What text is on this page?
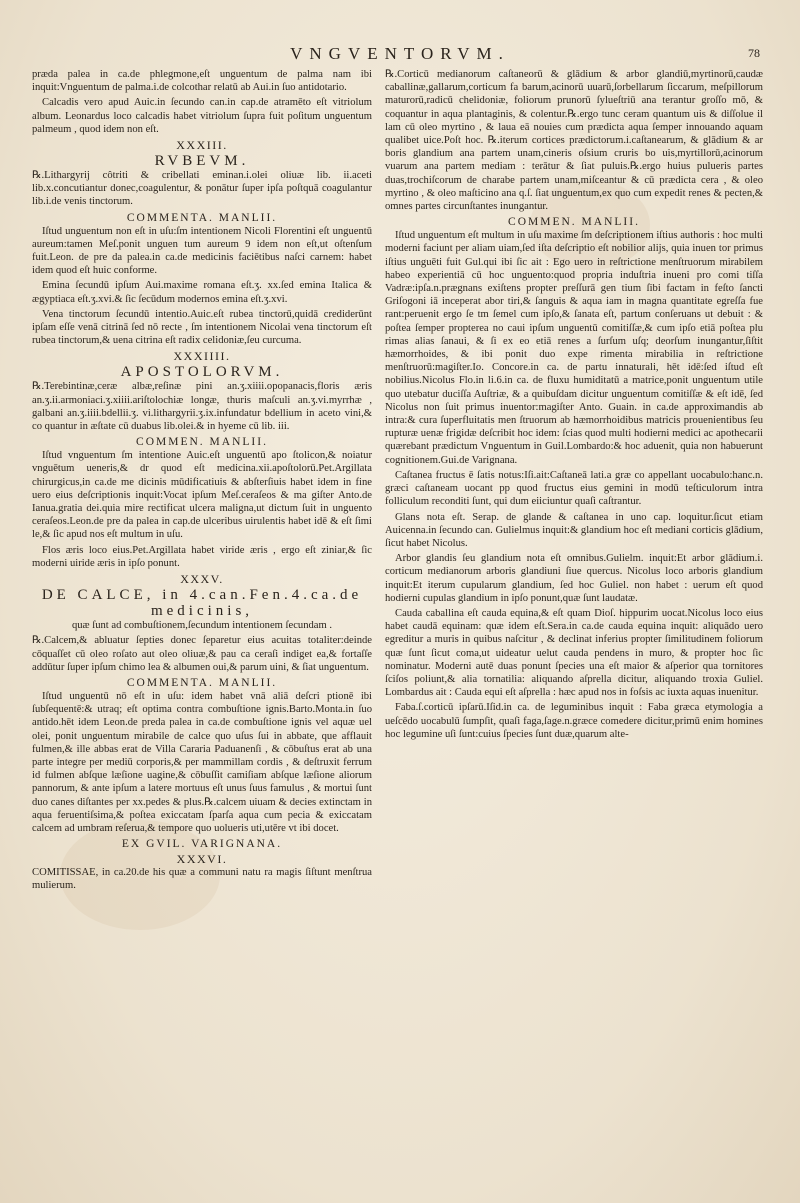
VNGVENTORVM.	78

præda palea in ca.de phlegmone,eſt unguentum de palma nam ibi inquit:Vnguentum de palma.i.de colcothar relatū ab Aui.in ſuo antidotario.

Calcadis vero apud Auic.in ſecundo can.in cap.de atramēto eſt vitriolum album. Leonardus loco calcadis habet vitriolum ſupra fuit poſitum unguentum palmeum , quod idem non eſt.

XXXIII.
RVBEVM.

℞.Lithargyrij côtriti & cribellati eminan.i.olei oliuæ lib. ii.aceti lib.x.concutiantur donec,coagulentur, & ponātur ſuper ipſa poſtquā coagulantur lib.i.de venis tinctorum.

COMMENTA. MANLII.

Iſtud unguentum non eſt in uſu:ſm intentionem Nicoli Florentini eſt unguentū aureum:tamen Meſ.ponit unguen tum aureum 9 idem non eſt,ut oſtenſum fuit.Leon. de pre da palea.in ca.de medicinis faciētibus naſci carnem: habet idem quod eſt huic conforme.

Emina ſecundū ipſum Aui.maxime romana eſt.ʒ. xx.ſed emina Italica & ægyptiaca eſt.ʒ.xvi.& ſic ſecūdum modernos emina eſt.ʒ.xvi.

Vena tinctorum ſecundū intentio.Auic.eſt rubea tinctorū,quidā crediderūnt ipſam eſſe venā citrinā ſed nō recte , ſm intentionem Nicolai vena tinctorum eſt rubea tinctorum,& uena citrina eſt radix celidoniæ,ſeu curcuma.

XXXIIII.
APOSTOLORVM.

℞.Terebintinæ,ceræ albæ,reſinæ pini an.ʒ.xiiii.opopanacis,floris æris an.ʒ.ii.armoniaci.ʒ.xiiii.ariſtolochiæ longæ, thuris maſculi an.ʒ.vi.myrrhæ , galbani an.ʒ.iiii.bdellii.ʒ. vi.lithargyrii.ʒ.ix.infundatur bdellium in aceto vini,& co quantur in æſtate cū duabus lib.olei.& in hyeme cū lib. iii.

COMMEN. MANLII.

Iſtud vnguentum ſm intentione Auic.eſt unguentū apo ſtolicon,& noiatur vnguētum ueneris,& dr quod eſt medicina.xii.apoſtolorū.Pet.Argillata chirurgicus,in ca.de me dicinis mūdificatiuis & abſterſiuis habet idem in fine uero eius deſcriptionis inquit:Vocat ipſum Meſ.ceraſeos & ma giſter Anto.de Ianua.gratia dei.quia mire rectificat ulcera maligna,ut dictum ſuit in unguento ceraſeos.Leon.de pre da palea in cap.de ulceribus uirulentis habet idē & eſt ſimi le,& ſic apud nos eſt multum in uſu.

Flos æris loco eius.Pet.Argillata habet viride æris , ergo eſt ziniar,& ſic moderni uiride æris in ipſo ponunt.

XXXV.
DE CALCE, in 4.can.Fen.4.ca.de medicinis,

quæ ſunt ad combuſtionem,ſecundum intentionem ſecundam .

℞.Calcem,& abluatur ſepties donec ſeparetur eius acuitas totaliter:deinde cōquaſſet cū oleo roſato aut oleo oliuæ,& pau ca ceraſi indiget ea,& fortaſſe addūtur ſuper ipſum chimo lea & albumen oui,& parum uini, & ſiat unguentum.

COMMENTA. MANLII.

Iſtud unguentū nō eſt in uſu: idem habet vnā aliā deſcri ptionē ibi ſubſequentē:& utraq; eſt optima contra combuſtione ignis.Barto.Monta.in ſuo antido.hēt idem Leon.de preda palea in ca.de combuſtione ignis vel aquæ uel olei, ponit unguentum mirabile de calce quo uſus ſui in abbate, que afflauit fulmen,& ille abbas erat de Villa Cararia Paduanenſi , & cōbuſtus erat ab una parte integre per mediū corporis,& per mammillam cordis , & deſtruxit ferrum id fulmen abſque læſione uagine,& cōbuſſit camiſiam abſque læſione aliorum pannorum, & ante ipſum a latere mortuus eſt unus ſuus famulus , & mortui ſunt duo canes diſtantes per xx.pedes & plus.℞.calcem uiuam & decies extinctam in aqua feruentiſsima,& poſtea exiccatam ſparſa aqua cum pecia & exiccatam calcem ad umbram reſerua,& tempore quo uolueris uti,utēre vt ibi docet.

EX GVIL. VARIGNANA.
XXXVI.

COMITISSAE, in ca.20.de his quæ a communi natu ra magis ſiſtunt menſtrua mulierum.

℞.Corticū medianorum caſtaneorū & glādium & arbor glandiū,myrtinorū,caudæ caballinæ,gallarum,corticum fa barum,acinorū uuarū,ſorbellarum ſiccarum, meſpillorum maturorū,radicū chelidoniæ, foliorum prunorū ſylueſtriū ana terantur groſſo mō, & coquantur in aqua plantaginis, & colentur.℞.ergo tunc ceram quantum uis & diſſolue il lam cū oleo myrtino , & laua eā nouies cum prædicta aqua ſemper innouando aquam qualibet uice.Poſt hoc. ℞.iterum cortices prædictorum.i.caſtanearum, & glādium & ar boris glandium ana partem unam,cineris oſsium cruris bo uis,myrtillorū,acinorum vuarum ana partem mediam : terātur & ſiat puluis.℞.ergo huius pulueris partes duas,trochiſcorum de charabe partem unam,miſceantur & cū prædicta cera , & oleo myrtino , & oleo maſticino ana q.ſ. ſiat unguentum,ex quo cum expedit renes & pecten,& omnes partes circunſtantes inungantur.

COMMEN. MANLII.

Iſtud unguentum eſt multum in uſu maxime ſm deſcriptionem iſtius authoris : hoc multi moderni faciunt per aliam uiam,ſed iſta deſcriptio eſt nobilior alijs, quia inuen tor primus iſtius unguēti fuit Gul.qui ibi ſic ait : Ego uero in reſtrictione menſtruorum mirabilem habeo experientiā cū hoc unguento:quod propria induſtria inueni pro comi tiſſa Vadræ:ipſa.n.prægnans exiſtens propter preſſurā gen tium ſibi factam in feſto ſancti Griſogoni iā inceperat abor tiri,& ſanguis & aqua iam in magna quantitate egreſſa fue rant:peruenit ergo ſe tm ſemel cum ipſo,& ſanata eſt, partum conſeruans ut debuit : & poſtea ſemper propterea no caui ipſum unguentū comitiſſæ,& cum ipſo etiā poſtea plu rimas alias ſanaui, & ſi ex eo etiā renes a ſurſum uſq; deorſum inungantur,ſiſtit hæmorrhoides, & ibi ponit duo expe rimenta mirabilia in reſtrictione menſtruorū:magiſter.Io. Concore.in ca. de partu innaturali, hēt idē:ſed iſtud eſt nobilius.Nicolus Flo.in li.6.in ca. de fluxu humiditatū a matrice,ponit unguentum utile quo utebatur duciſſa Auſtriæ, & a quibuſdam dicitur unguentum comitiſſæ & eſt idē, ſed Nicolus non ſuit primus inuentor:magiſter Anto. Guain. in ca.de approximandis ab intra:& cura ſuperfluitatis men ſtruorum ab hæmorrhoidibus matricis prouenientibus ſeu rupturæ uenæ frigidæ deſcribit hoc idem: ſcias quod multi hodierni medici ac apothecarii quærebant prædictum Vnguentum in Guil.Lombardo:& hoc aduenit, quia non habuerunt cognitionem.Gui.de Varignana.

Caſtanea fructus ē ſatis notus:Iſi.ait:Caſtaneā lati.a græ co appellant uocabulo:hanc.n. græci caſtaneam uocant pp quod fructus eius gemini in modū teſticulorum intra folliculum reconditi ſunt, qui dum eiiciuntur quaſi caſtrantur.

Glans nota eſt. Serap. de glande & caſtanea in uno cap. loquitur.ſicut etiam Auicenna.in ſecundo can. Gulielmus inquit:& glandium hoc eſt mediani corticis glādium, ſicut habet Nicolus.

Arbor glandis ſeu glandium nota eſt omnibus.Gulielm. inquit:Et arbor glādium.i. corticum medianorum arboris glandiuni ſiue quercus. Nicolus loco arboris glandium inquit:Et iterum cupularum glandium, ſed hoc Guliel. non habet : uerum eſt quod hodierni cupulas glandium in ipſo ponunt,quæ ſunt laudatæ.

Cauda caballina eſt cauda equina,& eſt quam Dioſ. hippurim uocat.Nicolus loco eius habet caudā equinam: quæ idem eſt.Sera.in ca.de cauda equina inquit: aliquādo uero egreditur a muris in quibus naſcitur , & declinat inferius propter ſimilitudinem foliorum quæ ſunt ſicut coma,ut uideatur uelut cauda pendens in muro, & propter hoc ſic nominatur. Moderni autē duas ponunt ſpecies una eſt maior & aſperior qua tornitores ſciſos poliunt,& alia tornatilia: aliquando aſprella dicitur, aliquando troxia Guliel. Lombardus ait : Cauda equi eſt aſprella : hæc apud nos in foſsis ac iuxta aquas inuenitur.

Faba.ſ.corticū ipſarū.Iſid.in ca. de leguminibus inquit : Faba græca etymologia a ueſcēdo uocabulū ſumpſit, quaſi faga,ſage.n.græce comedere dicitur,primū enim homines hoc legumine uſi ſunt:cuius ſpecies ſunt duæ,quarum alte-
